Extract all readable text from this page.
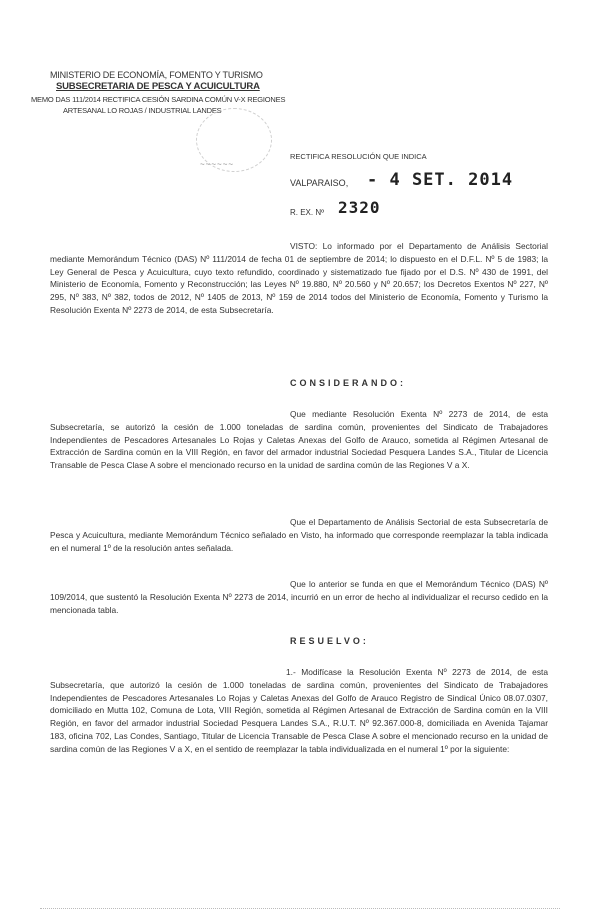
MINISTERIO DE ECONOMÍA, FOMENTO Y TURISMO
SUBSECRETARIA DE PESCA Y ACUICULTURA
MEMO DAS 111/2014 RECTIFICA CESIÓN SARDINA COMÚN V-X REGIONES
ARTESANAL LO ROJAS / INDUSTRIAL LANDES
~~~~~~
RECTIFICA RESOLUCIÓN QUE INDICA
VALPARAISO, - 4 SET. 2014
R. EX. Nº 2320
VISTO: Lo informado por el Departamento de Análisis Sectorial mediante Memorándum Técnico (DAS) Nº 111/2014 de fecha 01 de septiembre de 2014; lo dispuesto en el D.F.L. Nº 5 de 1983; la Ley General de Pesca y Acuicultura, cuyo texto refundido, coordinado y sistematizado fue fijado por el D.S. Nº 430 de 1991, del Ministerio de Economía, Fomento y Reconstrucción; las Leyes Nº 19.880, Nº 20.560 y Nº 20.657; los Decretos Exentos Nº 227, Nº 295, Nº 383, Nº 382, todos de 2012, Nº 1405 de 2013, Nº 159 de 2014 todos del Ministerio de Economía, Fomento y Turismo la Resolución Exenta Nº 2273 de 2014, de esta Subsecretaría.
CONSIDERANDO:
Que mediante Resolución Exenta Nº 2273 de 2014, de esta Subsecretaría, se autorizó la cesión de 1.000 toneladas de sardina común, provenientes del Sindicato de Trabajadores Independientes de Pescadores Artesanales Lo Rojas y Caletas Anexas del Golfo de Arauco, sometida al Régimen Artesanal de Extracción de Sardina común en la VIII Región, en favor del armador industrial Sociedad Pesquera Landes S.A., Titular de Licencia Transable de Pesca Clase A sobre el mencionado recurso en la unidad de sardina común de las Regiones V a X.
Que el Departamento de Análisis Sectorial de esta Subsecretaría de Pesca y Acuicultura, mediante Memorándum Técnico señalado en Visto, ha informado que corresponde reemplazar la tabla indicada en el numeral 1º de la resolución antes señalada.
Que lo anterior se funda en que el Memorándum Técnico (DAS) Nº 109/2014, que sustentó la Resolución Exenta Nº 2273 de 2014, incurrió en un error de hecho al individualizar el recurso cedido en la mencionada tabla.
RESUELVO:
1.- Modifícase la Resolución Exenta Nº 2273 de 2014, de esta Subsecretaría, que autorizó la cesión de 1.000 toneladas de sardina común, provenientes del Sindicato de Trabajadores Independientes de Pescadores Artesanales Lo Rojas y Caletas Anexas del Golfo de Arauco Registro de Sindical Único 08.07.0307, domiciliado en Mutta 102, Comuna de Lota, VIII Región, sometida al Régimen Artesanal de Extracción de Sardina común en la VIII Región, en favor del armador industrial Sociedad Pesquera Landes S.A., R.U.T. Nº 92.367.000-8, domiciliada en Avenida Tajamar 183, oficina 702, Las Condes, Santiago, Titular de Licencia Transable de Pesca Clase A sobre el mencionado recurso en la unidad de sardina común de las Regiones V a X, en el sentido de reemplazar la tabla individualizada en el numeral 1º por la siguiente:
